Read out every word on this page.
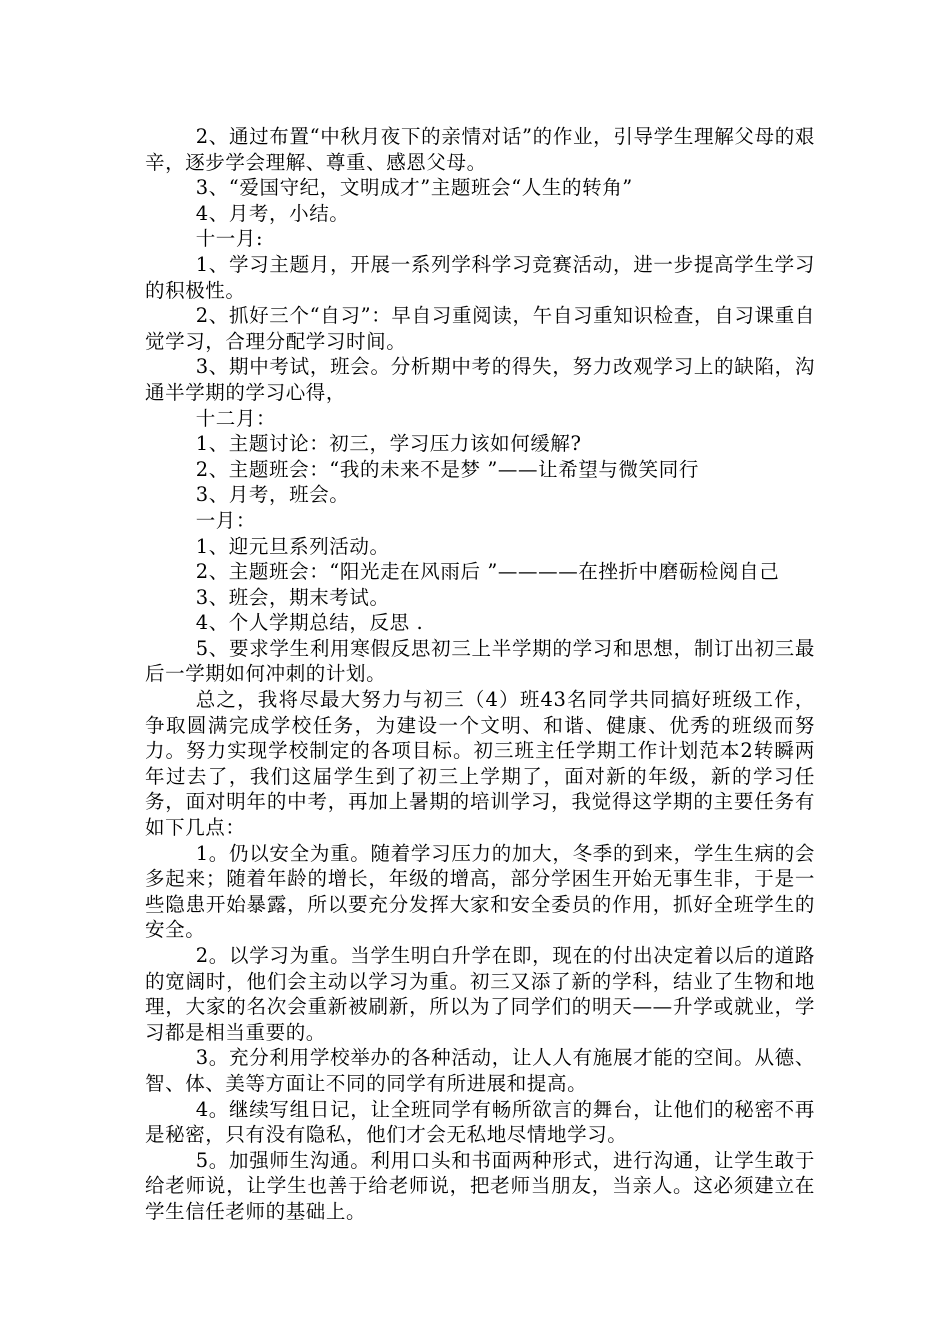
2、通过布置“中秋月夜下的亲情对话”的作业，引导学生理解父母的艰辛，逐步学会理解、尊重、感恩父母。

3、“爱国守纪，文明成才”主题班会“人生的转角”

4、月考，小结。

十一月:

1、学习主题月，开展一系列学科学习竞赛活动，进一步提高学生学习的积极性。

2、抓好三个“自习”：早自习重阅读，午自习重知识检查，自习课重自觉学习，合理分配学习时间。

3、期中考试，班会。分析期中考的得失，努力改观学习上的缺陷，沟通半学期的学习心得，

十二月：

1、主题讨论：初三，学习压力该如何缓解?

2、主题班会：“我的未来不是梦 ”——让希望与微笑同行

3、月考，班会。

一月：

1、迎元旦系列活动。

2、主题班会：“阳光走在风雨后 ”————在挫折中磨砺检阅自己

3、班会，期末考试。

4、个人学期总结，反思 .

5、要求学生利用寒假反思初三上半学期的学习和思想，制订出初三最后一学期如何冲刺的计划。

总之，我将尽最大努力与初三（4）班43名同学共同搞好班级工作，争取圆满完成学校任务，为建设一个文明、和谐、健康、优秀的班级而努力。努力实现学校制定的各项目标。初三班主任学期工作计划范本2转瞬两年过去了，我们这届学生到了初三上学期了，面对新的年级，新的学习任务，面对明年的中考，再加上暑期的培训学习，我觉得这学期的主要任务有如下几点：

1。仍以安全为重。随着学习压力的加大，冬季的到来，学生生病的会多起来；随着年龄的增长，年级的增高，部分学困生开始无事生非，于是一些隐患开始暴露，所以要充分发挥大家和安全委员的作用，抓好全班学生的安全。

2。以学习为重。当学生明白升学在即，现在的付出决定着以后的道路的宽阔时，他们会主动以学习为重。初三又添了新的学科，结业了生物和地理，大家的名次会重新被刷新，所以为了同学们的明天——升学或就业，学习都是相当重要的。

3。充分利用学校举办的各种活动，让人人有施展才能的空间。从德、智、体、美等方面让不同的同学有所进展和提高。

4。继续写组日记，让全班同学有畅所欲言的舞台，让他们的秘密不再是秘密，只有没有隐私，他们才会无私地尽情地学习。

5。加强师生沟通。利用口头和书面两种形式，进行沟通，让学生敢于给老师说，让学生也善于给老师说，把老师当朋友，当亲人。这必须建立在学生信任老师的基础上。
